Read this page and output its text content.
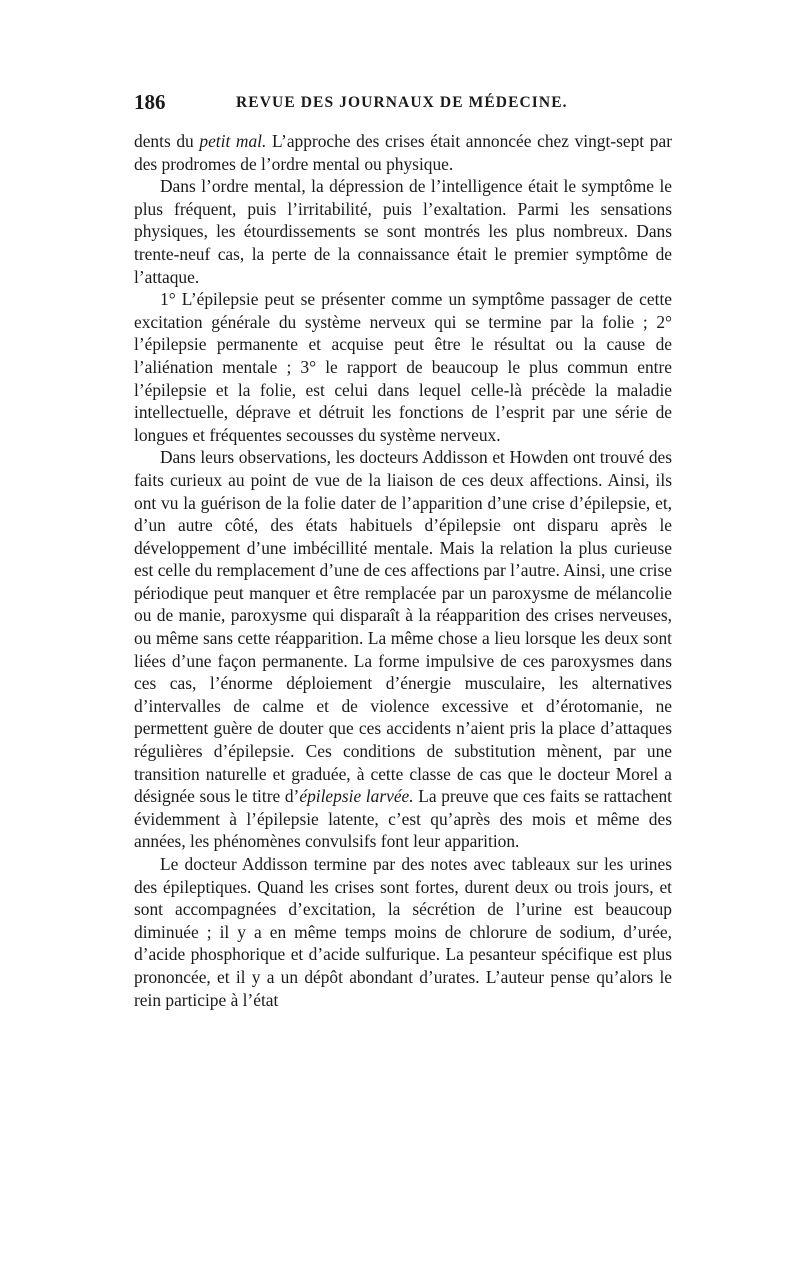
186	REVUE DES JOURNAUX DE MÉDECINE.

dents du petit mal. L’approche des crises était annoncée chez vingt-sept par des prodromes de l’ordre mental ou physique.

Dans l’ordre mental, la dépression de l’intelligence était le symptôme le plus fréquent, puis l’irritabilité, puis l’exaltation. Parmi les sensations physiques, les étourdissements se sont montrés les plus nombreux. Dans trente-neuf cas, la perte de la connaissance était le premier symptôme de l’attaque.

1° L’épilepsie peut se présenter comme un symptôme passager de cette excitation générale du système nerveux qui se termine par la folie ; 2° l’épilepsie permanente et acquise peut être le résultat ou la cause de l’aliénation mentale ; 3° le rapport de beaucoup le plus commun entre l’épilepsie et la folie, est celui dans lequel celle-là précède la maladie intellectuelle, déprave et détruit les fonctions de l’esprit par une série de longues et fréquentes secousses du système nerveux.

Dans leurs observations, les docteurs Addisson et Howden ont trouvé des faits curieux au point de vue de la liaison de ces deux affections. Ainsi, ils ont vu la guérison de la folie dater de l’apparition d’une crise d’épilepsie, et, d’un autre côté, des états habituels d’épilepsie ont disparu après le développement d’une imbécillité mentale. Mais la relation la plus curieuse est celle du remplacement d’une de ces affections par l’autre. Ainsi, une crise périodique peut manquer et être remplacée par un paroxysme de mélancolie ou de manie, paroxysme qui disparaît à la réapparition des crises nerveuses, ou même sans cette réapparition. La même chose a lieu lorsque les deux sont liées d’une façon permanente. La forme impulsive de ces paroxysmes dans ces cas, l’énorme déploiement d’énergie musculaire, les alternatives d’intervalles de calme et de violence excessive et d’érotomanie, ne permettent guère de douter que ces accidents n’aient pris la place d’attaques régulières d’épilepsie. Ces conditions de substitution mènent, par une transition naturelle et graduée, à cette classe de cas que le docteur Morel a désignée sous le titre d’épilepsie larvée. La preuve que ces faits se rattachent évidemment à l’épilepsie latente, c’est qu’après des mois et même des années, les phénomènes convulsifs font leur apparition.

Le docteur Addisson termine par des notes avec tableaux sur les urines des épileptiques. Quand les crises sont fortes, durent deux ou trois jours, et sont accompagnées d’excitation, la sécrétion de l’urine est beaucoup diminuée ; il y a en même temps moins de chlorure de sodium, d’urée, d’acide phosphorique et d’acide sulfurique. La pesanteur spécifique est plus prononcée, et il y a un dépôt abondant d’urates. L’auteur pense qu’alors le rein participe à l’état
